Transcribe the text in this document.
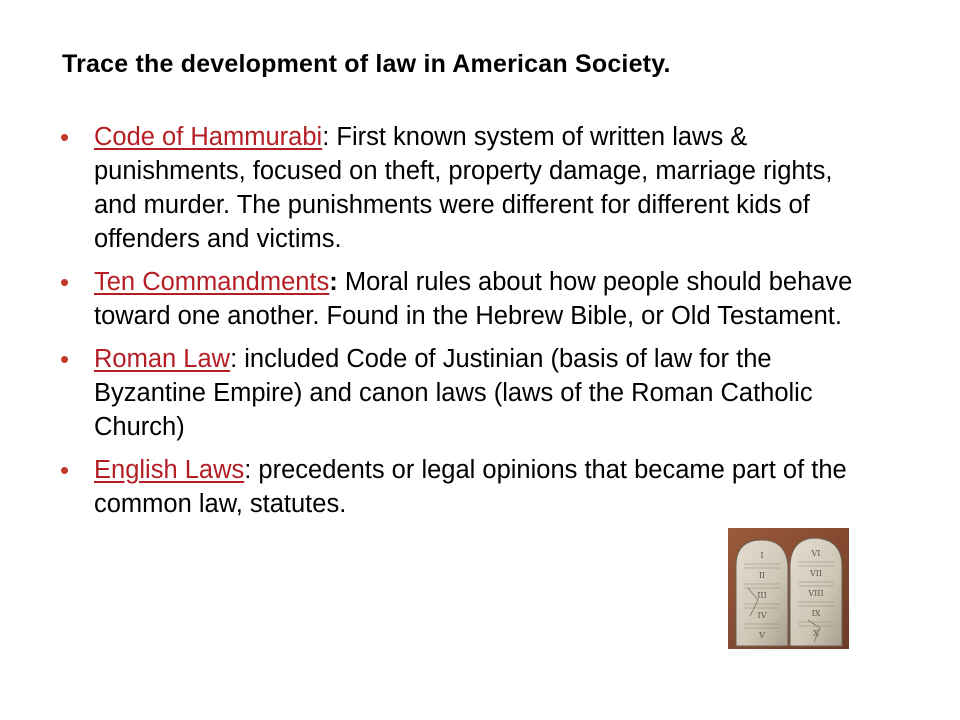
Trace the development of law in American Society.
• Code of Hammurabi: First known system of written laws & punishments, focused on theft, property damage, marriage rights, and murder. The punishments were different for different kids of offenders and victims.
• Ten Commandments: Moral rules about how people should behave toward one another. Found in the Hebrew Bible, or Old Testament.
• Roman Law: included Code of Justinian (basis of law for the Byzantine Empire) and canon laws (laws of the Roman Catholic Church)
• English Laws: precedents or legal opinions that became part of the common law, statutes.
I
II
III
IV
V
VI
VII
VIII
IX
X
